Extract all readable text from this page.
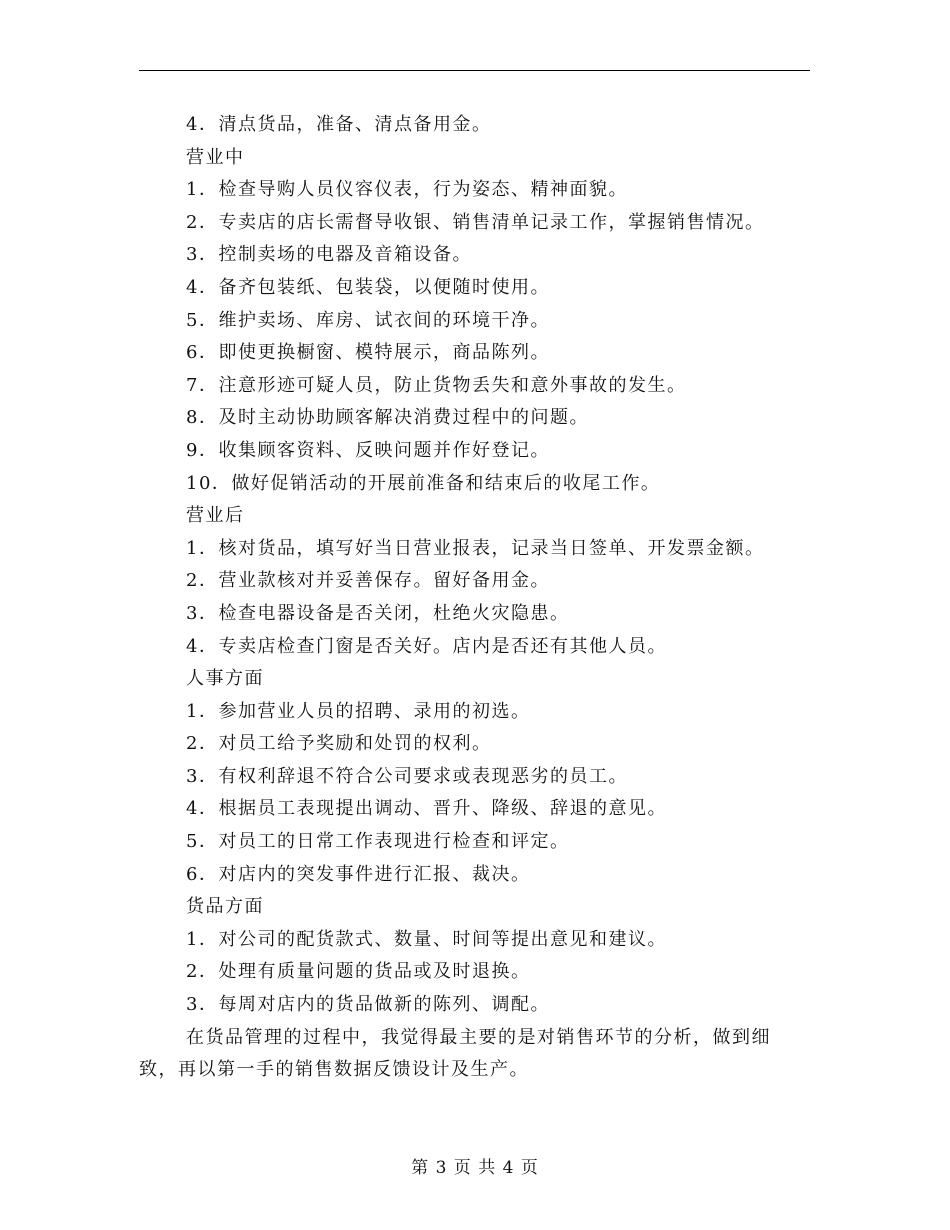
4．清点货品，准备、清点备用金。
营业中
1．检查导购人员仪容仪表，行为姿态、精神面貌。
2．专卖店的店长需督导收银、销售清单记录工作，掌握销售情况。
3．控制卖场的电器及音箱设备。
4．备齐包装纸、包装袋，以便随时使用。
5．维护卖场、库房、试衣间的环境干净。
6．即使更换橱窗、模特展示，商品陈列。
7．注意形迹可疑人员，防止货物丢失和意外事故的发生。
8．及时主动协助顾客解决消费过程中的问题。
9．收集顾客资料、反映问题并作好登记。
10．做好促销活动的开展前准备和结束后的收尾工作。
营业后
1．核对货品，填写好当日营业报表，记录当日签单、开发票金额。
2．营业款核对并妥善保存。留好备用金。
3．检查电器设备是否关闭，杜绝火灾隐患。
4．专卖店检查门窗是否关好。店内是否还有其他人员。
人事方面
1．参加营业人员的招聘、录用的初选。
2．对员工给予奖励和处罚的权利。
3．有权利辞退不符合公司要求或表现恶劣的员工。
4．根据员工表现提出调动、晋升、降级、辞退的意见。
5．对员工的日常工作表现进行检查和评定。
6．对店内的突发事件进行汇报、裁决。
货品方面
1．对公司的配货款式、数量、时间等提出意见和建议。
2．处理有质量问题的货品或及时退换。
3．每周对店内的货品做新的陈列、调配。
在货品管理的过程中，我觉得最主要的是对销售环节的分析，做到细致，再以第一手的销售数据反馈设计及生产。
第 3 页 共 4 页
